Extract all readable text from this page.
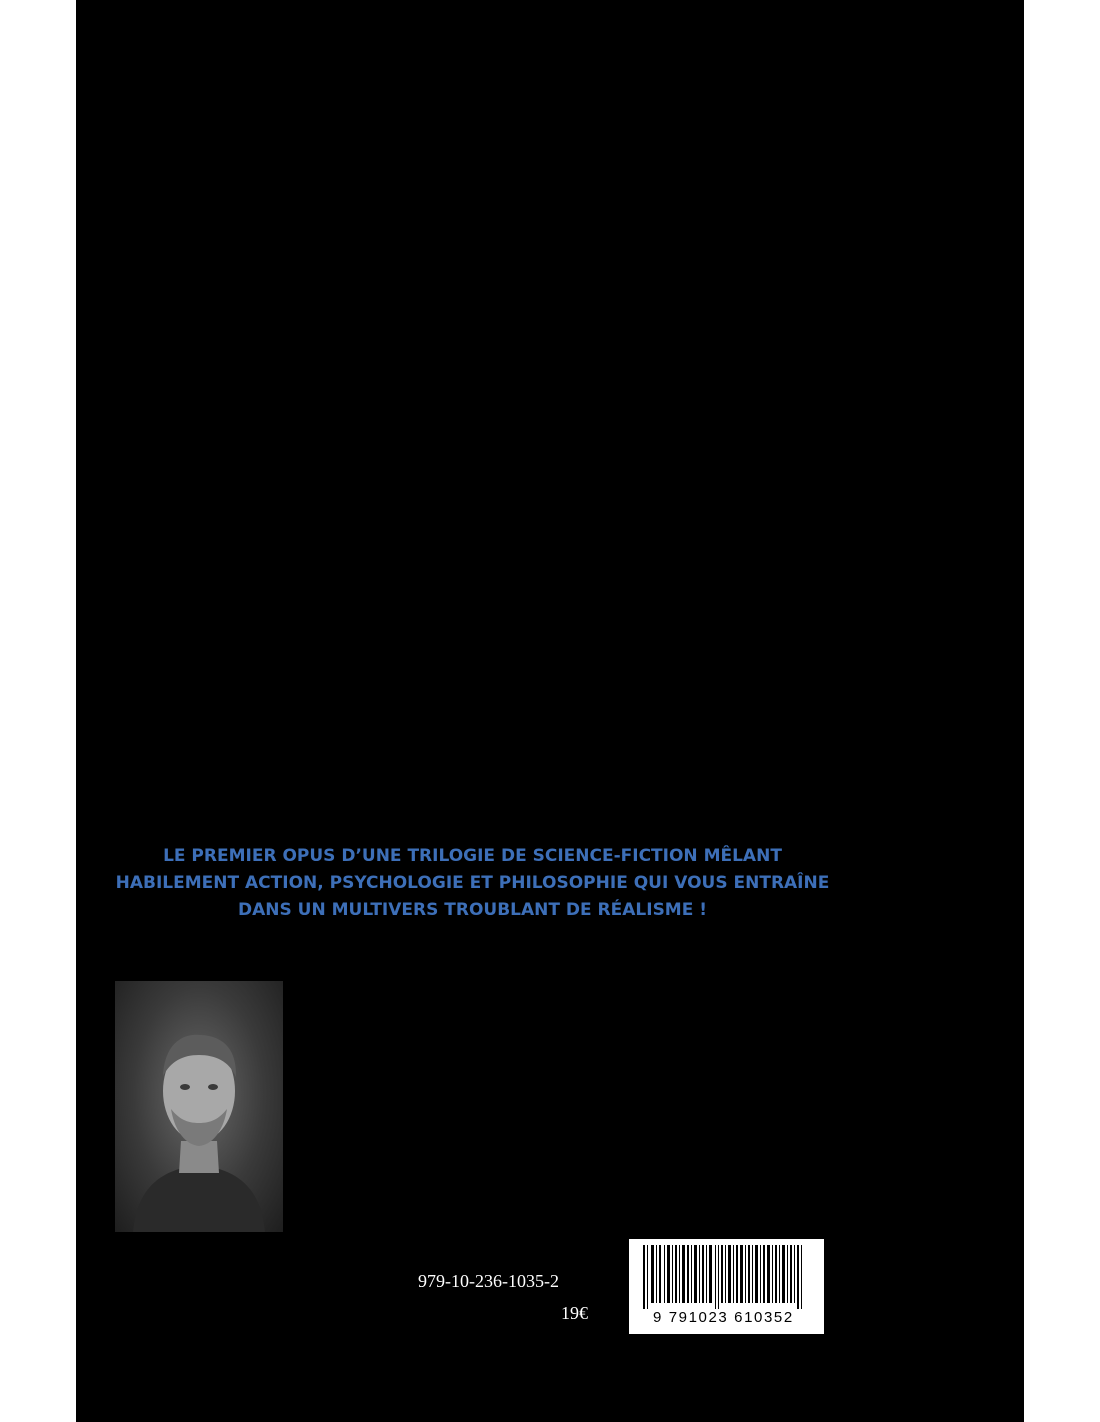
2012 : Les Limiers Aeria et Bron effectuent en Réalité Un une mission pour la société idéale de la Réalité Zéro. Leur but ? Traquer ceux qui pourraient perturber leur époque en développant leur faculté de déplacement à travers les mondes.

Mais bien vite, le couple repère des anomalies dans les câbles quantiques. Selon l’Analyste Welmot, il s’agirait d’un fait rarissime qui ne se serait pas produit depuis la mise en place de la Fibre Unique, qui permet de changer de Réalité.

Pendant ce temps, Abigail, jeune serveuse dans un bar belge, se fait enlever par Kylee, un professeur aux talents de tueur à gages. Il l’entraîne dans une Réalité où l’humanité s’est presque éteinte au $xx^e$ siècle, et démarre alors un enseignement qui ébranle toutes ses convictions.

Et si ces deux événements étaient en fait intimement liés ? Une véritable course contre la montre s’engage pour Aeria, tandis que Welmot s’apprête à découvrir une vérité qui menace de détruire l’espèce humaine.

Quant à Abigail, quel intérêt peut-elle avoir pour Kylee, ce scientifique si mystérieux ?

LE PREMIER OPUS D’UNE TRILOGIE DE SCIENCE-FICTION MÊLANT HABILEMENT ACTION, PSYCHOLOGIE ET PHILOSOPHIE QUI VOUS ENTRAÎNE DANS UN MULTIVERS TROUBLANT DE RÉALISME !
Loïc Grosman tombe dès l’enfance dans la science-fiction, dont il dévore les plus grands romans. Son esprit scientifique, son goût prononcé pour l’abstraction et la découverte des théories de la mécanique quantique lui fournissent le terreau d’une inspiration qu’il qualifie lui-même de mystérieuse. Elle aboutit à une trilogie contre-utopique, réaliste, dense et profonde.
979-10-236-1035-2
19€	9 791023 610352
